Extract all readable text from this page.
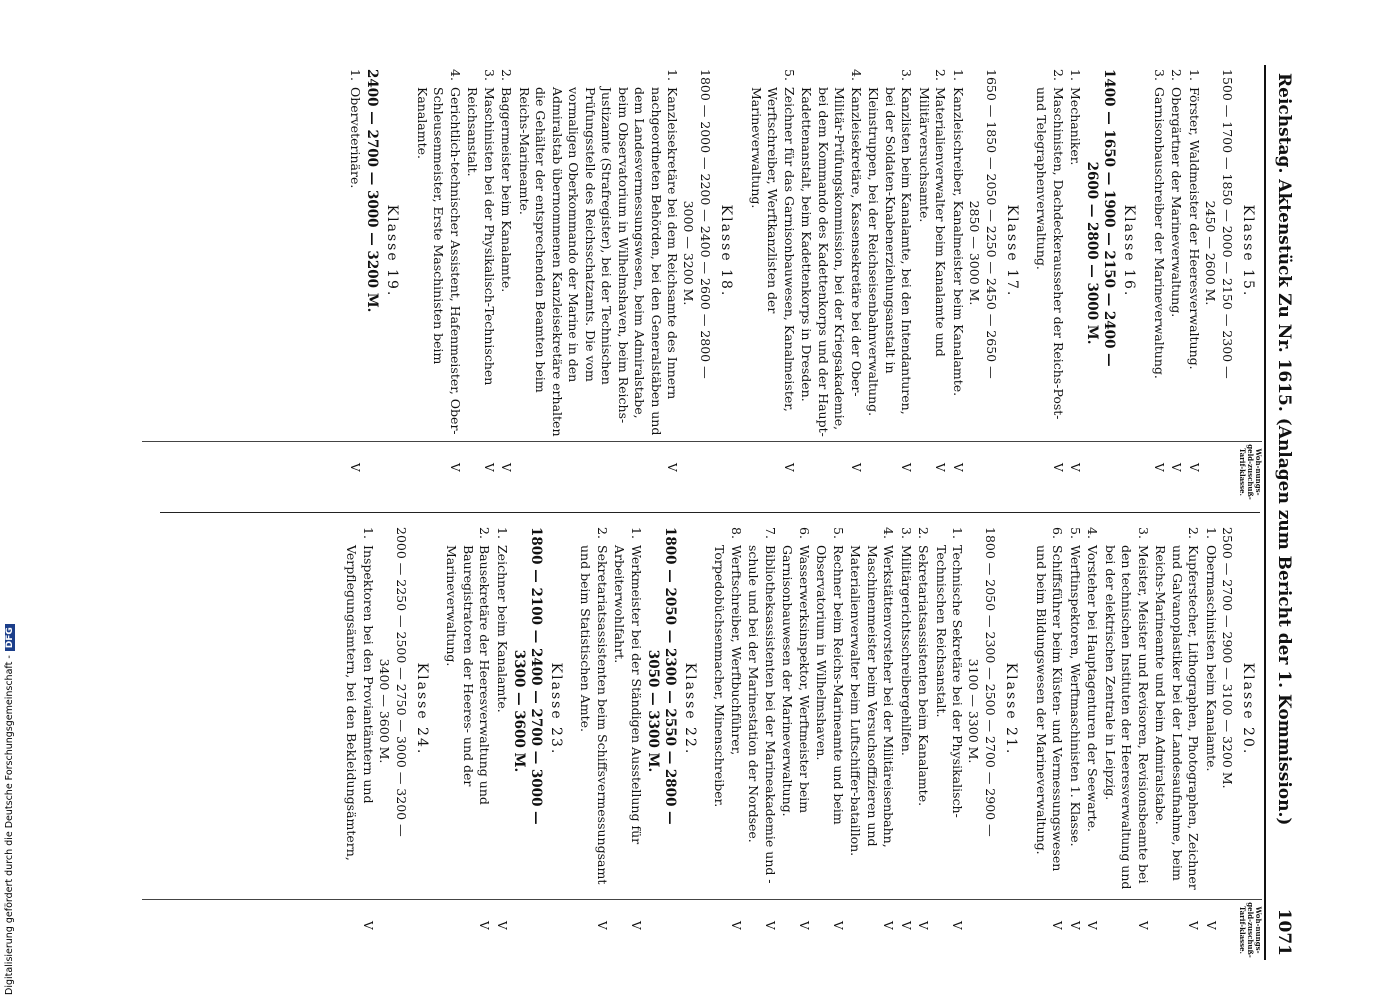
Reichstag. Aktenstück Zu Nr. 1615. (Anlagen zum Bericht der 1. Kommission.)
1071
Woh-nungs-geld-zuschuß-Tarif-klasse.
Klasse 15.
1500 — 1700 — 1850 — 2000 — 2150 — 2300 —
2450 — 2600 M.
1.
Förster, Waldmeister der Heeresverwaltung.
V
2.
Obergärtner der Marineverwaltung.
V
3.
Garnisonbauschreiber der Marineverwaltung.
V
Klasse 16.
1400 — 1650 — 1900 — 2150 — 2400 —
2600 — 2800 — 3000 M.
1.
Mechaniker.
V
2.
Maschinisten, Dachdeckerausseher der Reichs-Post- und Telegraphenverwaltung.
V
Klasse 17.
1650 — 1850 — 2050 — 2250 — 2450 — 2650 —
2850 — 3000 M.
1.
Kanzleischreiber, Kanalmeister beim Kanalamte.
V
2.
Materialienverwalter beim Kanalamte und Militärversuchsamte.
V
3.
Kanzlisten beim Kanalamte, bei den Intendanturen, bei der Soldaten-Knabenerziehungsanstalt in Kleinstruppen, bei der Reichseisenbahnverwaltung.
V
4.
Kanzleisekretäre, Kassensekretäre bei der Ober-Militär-Prüfungskommission, bei der Kriegsakademie, bei dem Kommando des Kadettenkorps und der Haupt-Kadettenanstalt, beim Kadettenkorps in Dresden.
V
5.
Zeichner für das Garnisonbauwesen, Kanalmeister, Werftschreiber, Werftkanzlisten der Marineverwaltung.
V
Klasse 18.
1800 — 2000 — 2200 — 2400 — 2600 — 2800 —
3000 — 3200 M.
1.
Kanzleisekretäre bei dem Reichsamte des Innern nachgeordneten Behörden, bei den Generalstäben und dem Landesvermessungswesen, beim Admiralstabe, beim Observatorium in Wilhelmshaven, beim Reichs-Justizamte (Strafregister), bei der Technischen Prüfungsstelle des Reichsschatzamts. Die vom vormaligen Oberkommando der Marine in den Admiralstab übernommenen Kanzleisekretäre erhalten die Gehälter der entsprechenden Beamten beim Reichs-Marineamte.
V
2.
Baggermeister beim Kanalamte.
V
3.
Maschinisten bei der Physikalisch-Technischen Reichsanstalt.
V
4.
Gerichtlich-technischer Assistent, Hafenmeister, Ober-Schleusenmeister, Erste Maschinisten beim Kanalamte.
V
Klasse 19.
2400 — 2700 — 3000 — 3200 M.
1.
Oberveterinäre.
V
Woh-nungs-geld-zuschuß-Tarif-klasse.
Klasse 20.
2500 — 2700 — 2900 — 3100 — 3200 M.
1.
Obermaschinisten beim Kanalamte.
V
2.
Kupferstecher, Lithographen, Photographen, Zeichner und Galvanoplastiker bei der Landesaufnahme, beim Reichs-Marineamte und beim Admiralstabe.
V
3.
Meister, Meister und Revisoren, Revisionsbeamte bei den technischen Instituten der Heeresverwaltung und bei der elektrischen Zentrale in Leipzig.
V
4.
Vorsteher bei Hauptagenturen der Seewarte.
V
5.
Werftinspektoren, Werftmaschinisten 1. Klasse.
V
6.
Schiffsführer beim Küsten- und Vermessungswesen und beim Bildungswesen der Marineverwaltung.
V
Klasse 21.
1800 — 2050 — 2300 — 2500 — 2700 — 2900 —
3100 — 3300 M.
1.
Technische Sekretäre bei der Physikalisch-Technischen Reichsanstalt.
V
2.
Sekretariatsassistenten beim Kanalamte.
V
3.
Militärgerichtsschreibergehilfen.
V
4.
Werkstättenvorsteher bei der Militäreisenbahn, Maschinenmeister beim Versuchsoffizieren und Materialienverwalter beim Luftschiffer-bataillon.
V
5.
Rechner beim Reichs-Marineamte und beim Observatorium in Wilhelmshaven.
V
6.
Wasserwerksinspektor, Werftmeister beim Garnisonbauwesen der Marineverwaltung.
V
7.
Bibliotheksassistenten bei der Marineakademie und -schule und bei der Marinestation der Nordsee.
V
8.
Werftschreiber, Werftbuchführer, Torpedobüchsenmacher, Minenschreiber.
V
Klasse 22.
1800 — 2050 — 2300 — 2550 — 2800 —
3050 — 3300 M.
1.
Werkmeister bei der Ständigen Ausstellung für Arbeiterwohlfahrt.
V
2.
Sekretariatsassistenten beim Schiffsvermessungsamt und beim Statistischen Amte.
V
Klasse 23.
1800 — 2100 — 2400 — 2700 — 3000 —
3300 — 3600 M.
1.
Zeichner beim Kanalamte.
V
2.
Bausekretäre der Heeresverwaltung und Bauregistratoren der Heeres- und der Marineverwaltung.
V
Klasse 24.
2000 — 2250 — 2500 — 2750 — 3000 — 3200 —
3400 — 3600 M.
1.
Inspektoren bei den Proviantämtern und Verpflegungsämtern, bei den Bekleidungsämtern,
V
Digitalisierung gefördert durch die Deutsche Forschungsgemeinschaft -DFG
